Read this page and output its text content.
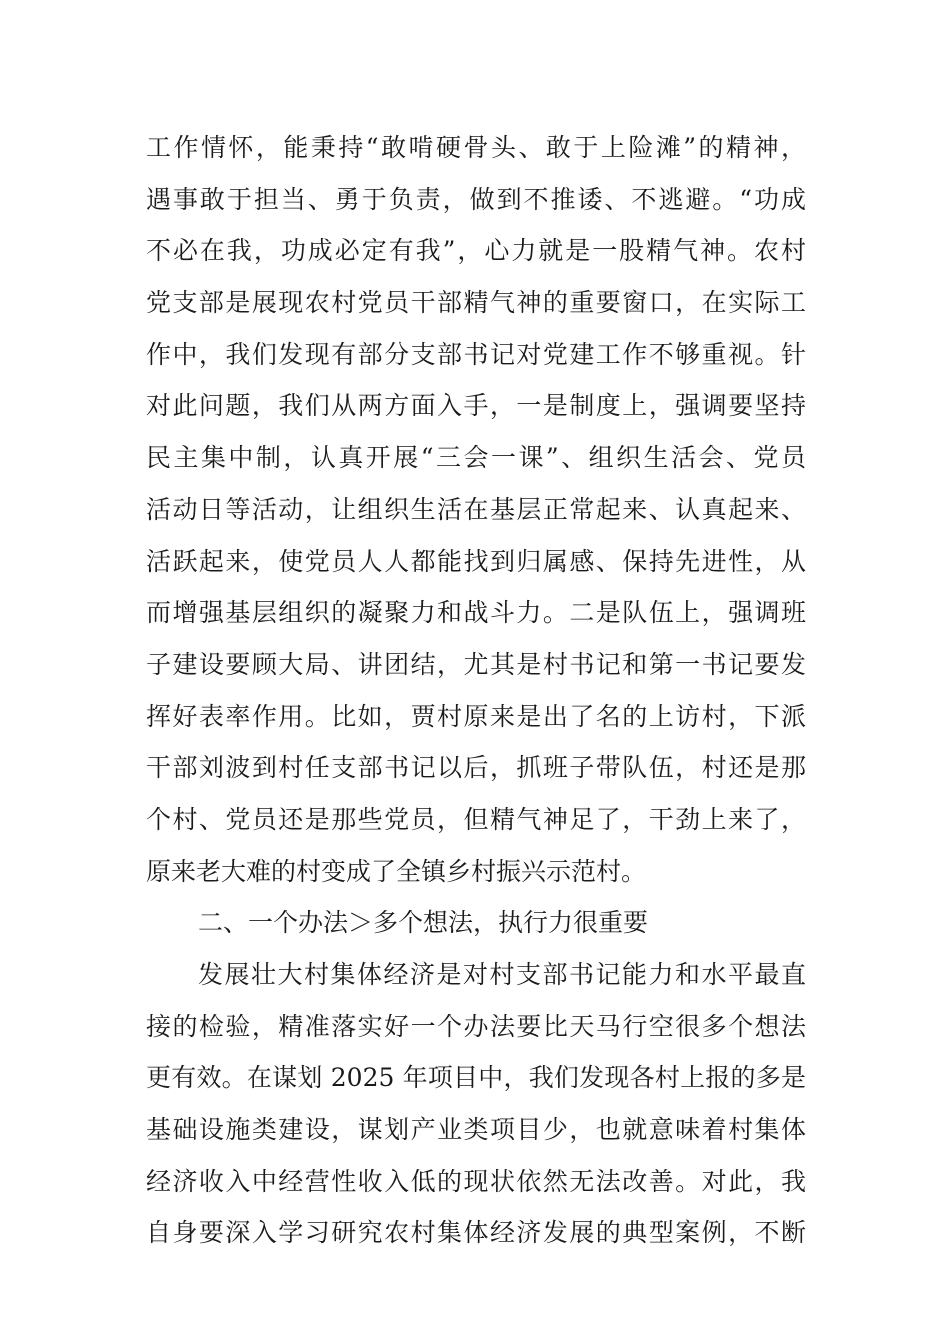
工作情怀，能秉持“敢啃硬骨头、敢于上险滩”的精神，
遇事敢于担当、勇于负责，做到不推诿、不逃避。“功成
不必在我，功成必定有我”，心力就是一股精气神。农村
党支部是展现农村党员干部精气神的重要窗口，在实际工
作中，我们发现有部分支部书记对党建工作不够重视。针
对此问题，我们从两方面入手，一是制度上，强调要坚持
民主集中制，认真开展“三会一课”、组织生活会、党员
活动日等活动，让组织生活在基层正常起来、认真起来、
活跃起来，使党员人人都能找到归属感、保持先进性，从
而增强基层组织的凝聚力和战斗力。二是队伍上，强调班
子建设要顾大局、讲团结，尤其是村书记和第一书记要发
挥好表率作用。比如，贾村原来是出了名的上访村，下派
干部刘波到村任支部书记以后，抓班子带队伍，村还是那
个村、党员还是那些党员，但精气神足了，干劲上来了，
原来老大难的村变成了全镇乡村振兴示范村。
二、一个办法＞多个想法，执行力很重要
发展壮大村集体经济是对村支部书记能力和水平最直
接的检验，精准落实好一个办法要比天马行空很多个想法
更有效。在谋划 2025 年项目中，我们发现各村上报的多是
基础设施类建设，谋划产业类项目少，也就意味着村集体
经济收入中经营性收入低的现状依然无法改善。对此，我
自身要深入学习研究农村集体经济发展的典型案例，不断
